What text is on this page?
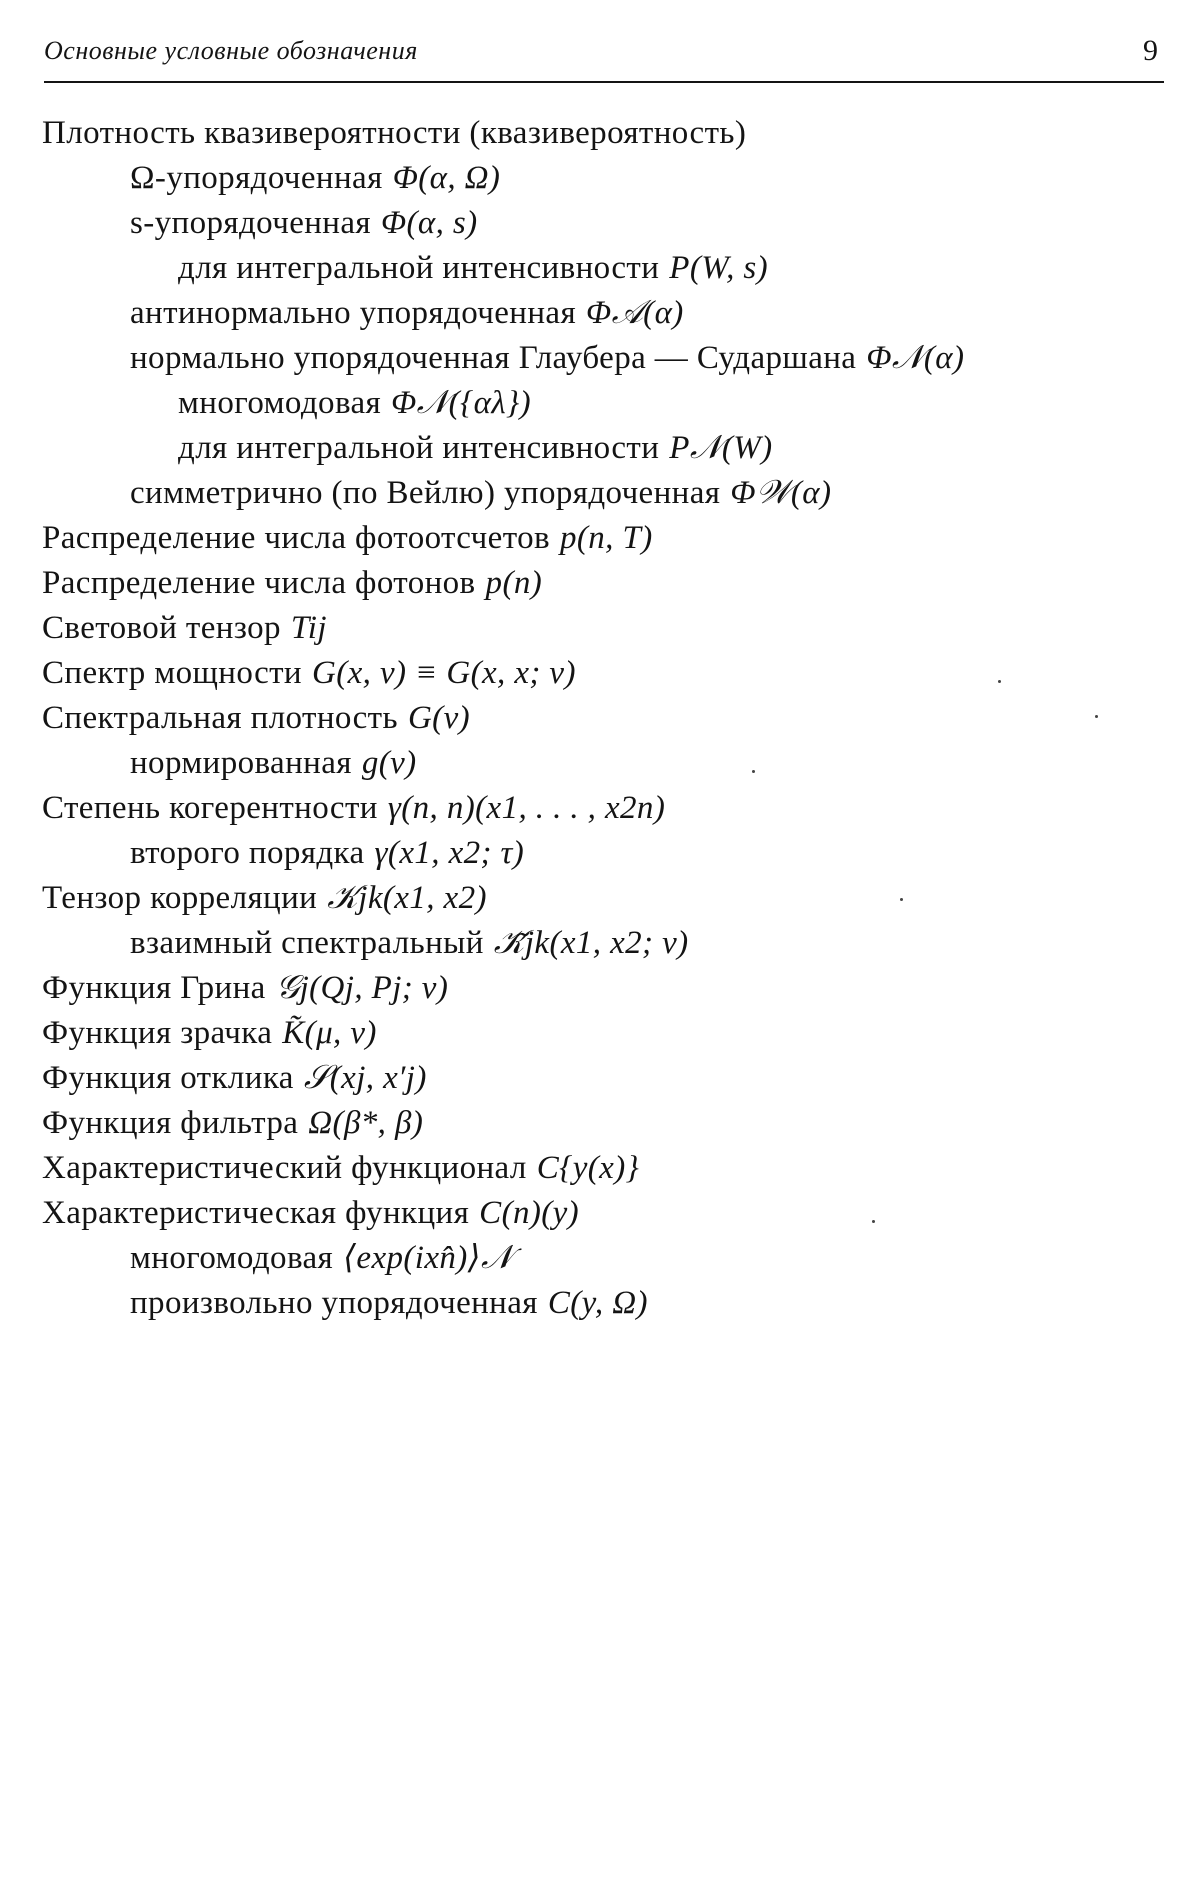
Основные условные обозначения	9
Плотность квазивероятности (квазивероятность)
Ω-упорядоченная Φ(α, Ω)
s-упорядоченная Φ(α, s)
для интегральной интенсивности P(W, s)
антинормально упорядоченная Φ𝒜(α)
нормально упорядоченная Глаубера — Сударшана Φ𝒩(α)
многомодовая Φ𝒩({αλ})
для интегральной интенсивности P𝒩(W)
симметрично (по Вейлю) упорядоченная Φ𝒲(α)
Распределение числа фотоотсчетов p(n, T)
Распределение числа фотонов p(n)
Световой тензор Tij
Спектр мощности G(x, ν) ≡ G(x, x; ν)
Спектральная плотность G(ν)
нормированная g(ν)
Степень когерентности γ(n, n)(x1, . . . , x2n)
второго порядка γ(x1, x2; τ)
Тензор корреляции 𝒦jk(x1, x2)
взаимный спектральный 𝒦̃jk(x1, x2; ν)
Функция Грина 𝒢j(Qj, Pj; ν)
Функция зрачка K̃(μ, ν)
Функция отклика 𝒮(xj, x′j)
Функция фильтра Ω(β*, β)
Характеристический функционал C{y(x)}
Характеристическая функция C(n)(y)
многомодовая ⟨exp(ixn̂)⟩𝒩
произвольно упорядоченная C(y, Ω)
